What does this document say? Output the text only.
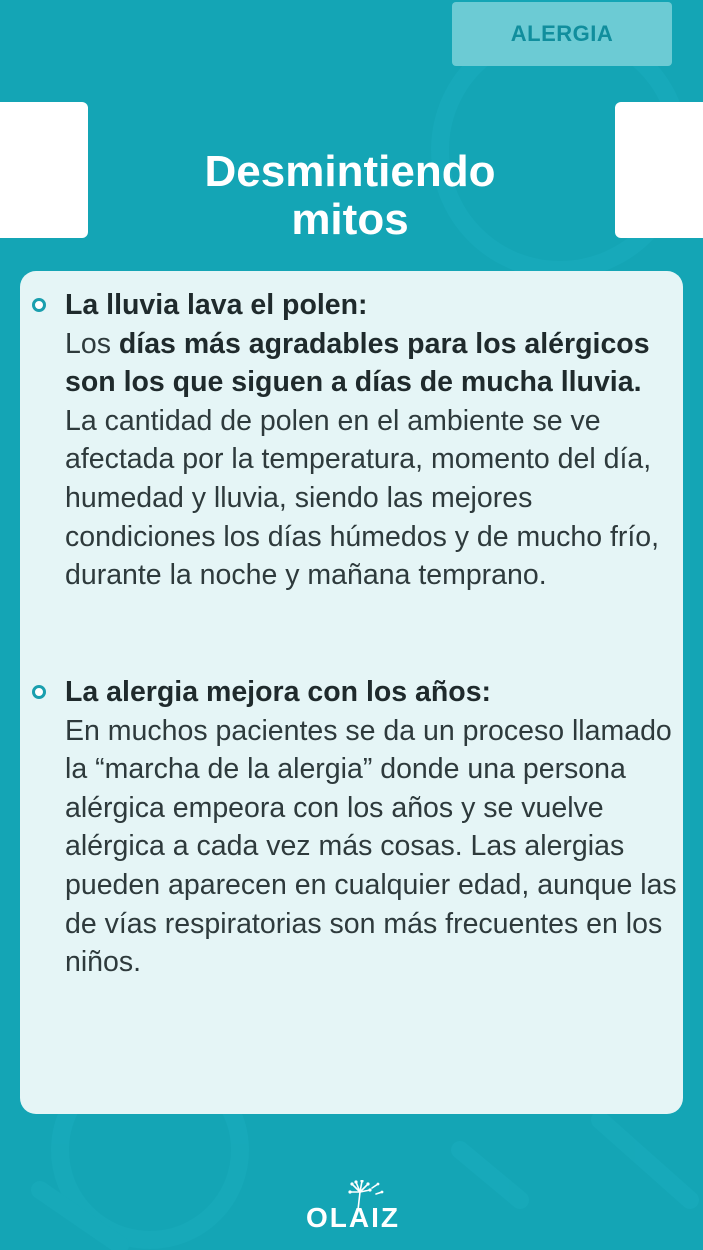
ALERGIA
Desmintiendo
mitos
La lluvia lava el polen:
Los días más agradables para los alérgicos son los que siguen a días de mucha lluvia. La cantidad de polen en el ambiente se ve afectada por la temperatura, momento del día, humedad y lluvia, siendo las mejores condiciones los días húmedos y de mucho frío, durante la noche y mañana temprano.
La alergia mejora con los años:
En muchos pacientes se da un proceso llamado la “marcha de la alergia” donde una persona alérgica empeora con los años y se vuelve alérgica a cada vez más cosas. Las alergias pueden aparecen en cualquier edad, aunque las de vías respiratorias son más frecuentes en los niños.
OLAIZ
